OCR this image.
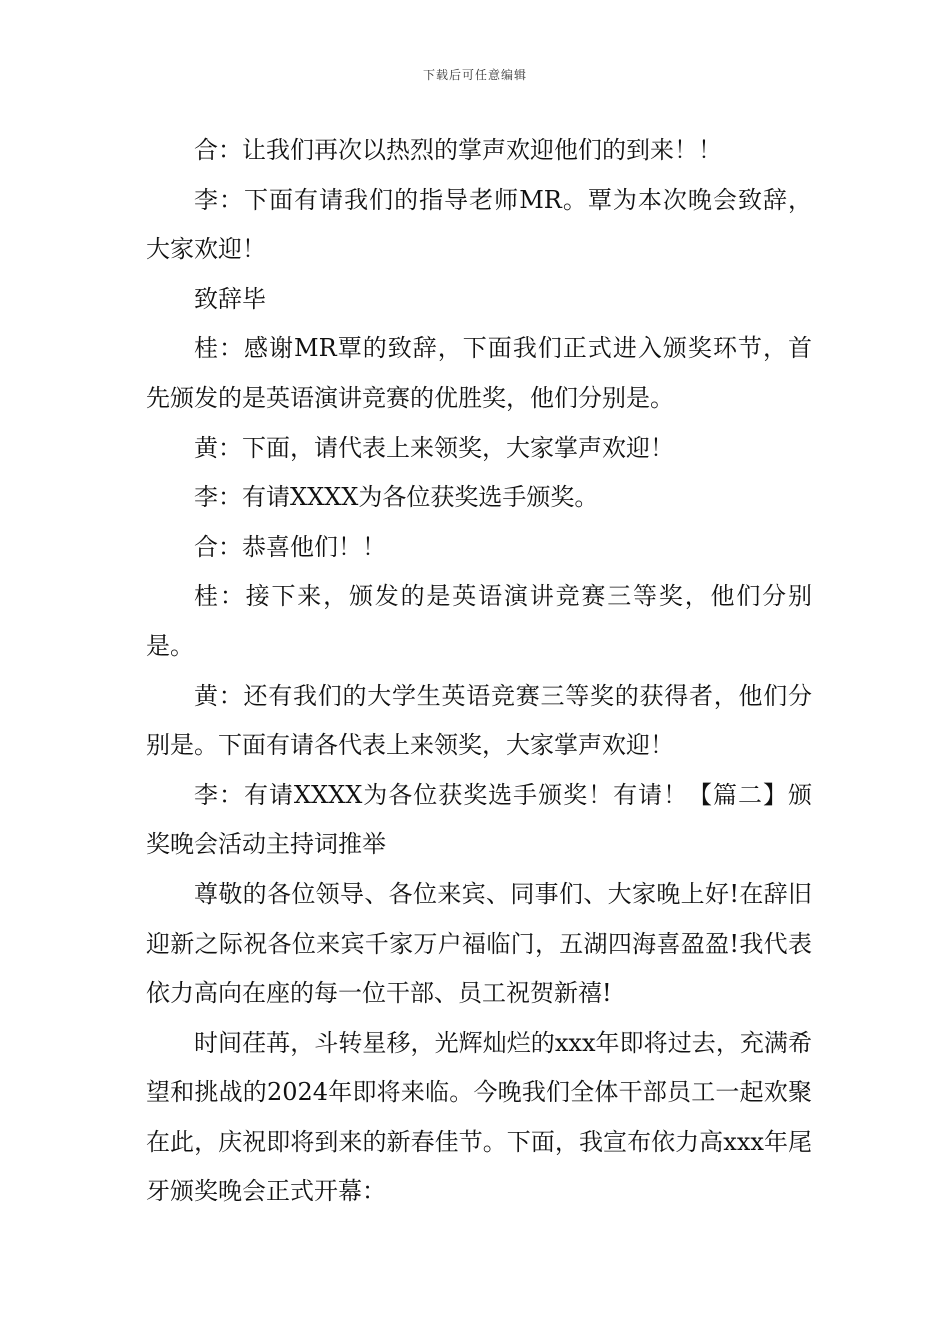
下载后可任意编辑

合：让我们再次以热烈的掌声欢迎他们的到来！！

李：下面有请我们的指导老师MR。覃为本次晚会致辞，大家欢迎！

致辞毕

桂：感谢MR覃的致辞，下面我们正式进入颁奖环节，首先颁发的是英语演讲竞赛的优胜奖，他们分别是。

黄：下面，请代表上来领奖，大家掌声欢迎！

李：有请XXXX为各位获奖选手颁奖。

合：恭喜他们！！

桂：接下来，颁发的是英语演讲竞赛三等奖，他们分别是。

黄：还有我们的大学生英语竞赛三等奖的获得者，他们分别是。下面有请各代表上来领奖，大家掌声欢迎！

李：有请XXXX为各位获奖选手颁奖！有请！【篇二】颁奖晚会活动主持词推举

尊敬的各位领导、各位来宾、同事们、大家晚上好!在辞旧迎新之际祝各位来宾千家万户福临门，五湖四海喜盈盈!我代表依力高向在座的每一位干部、员工祝贺新禧!

时间荏苒，斗转星移，光辉灿烂的xxx年即将过去，充满希望和挑战的2024年即将来临。今晚我们全体干部员工一起欢聚在此，庆祝即将到来的新春佳节。下面，我宣布依力高xxx年尾牙颁奖晚会正式开幕：
